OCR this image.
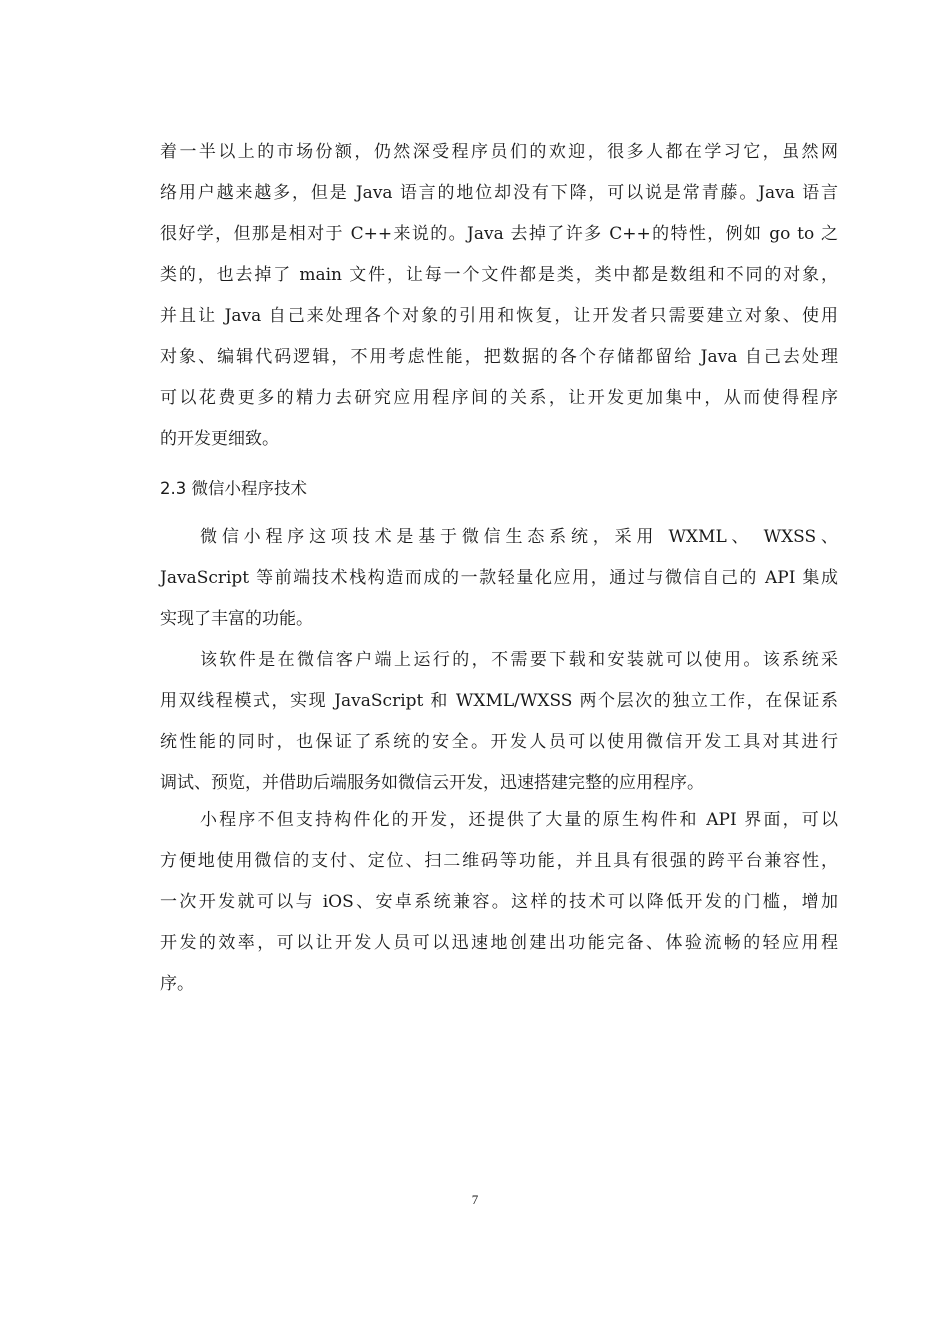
着一半以上的市场份额，仍然深受程序员们的欢迎，很多人都在学习它，虽然网
络用户越来越多，但是 Java 语言的地位却没有下降，可以说是常青藤。Java 语言
很好学，但那是相对于 C++来说的。Java 去掉了许多 C++的特性，例如 go to 之
类的，也去掉了 main 文件，让每一个文件都是类，类中都是数组和不同的对象，
并且让 Java 自己来处理各个对象的引用和恢复，让开发者只需要建立对象、使用
对象、编辑代码逻辑，不用考虑性能，把数据的各个存储都留给 Java 自己去处理
可以花费更多的精力去研究应用程序间的关系，让开发更加集中，从而使得程序
的开发更细致。
2.3 微信小程序技术
微信小程序这项技术是基于微信生态系统，采用 WXML、 WXSS、
JavaScript 等前端技术栈构造而成的一款轻量化应用，通过与微信自己的 API 集成
实现了丰富的功能。
该软件是在微信客户端上运行的，不需要下载和安装就可以使用。该系统采
用双线程模式，实现 JavaScript 和 WXML/WXSS 两个层次的独立工作，在保证系
统性能的同时，也保证了系统的安全。开发人员可以使用微信开发工具对其进行
调试、预览，并借助后端服务如微信云开发，迅速搭建完整的应用程序。
小程序不但支持构件化的开发，还提供了大量的原生构件和 API 界面，可以
方便地使用微信的支付、定位、扫二维码等功能，并且具有很强的跨平台兼容性，
一次开发就可以与 iOS、安卓系统兼容。这样的技术可以降低开发的门槛，增加
开发的效率，可以让开发人员可以迅速地创建出功能完备、体验流畅的轻应用程
序。
7
